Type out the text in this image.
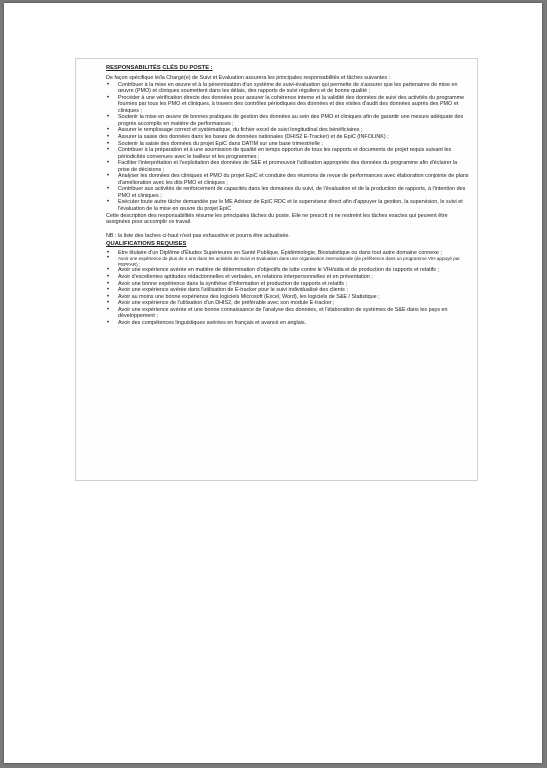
RESPONSABILITÉS CLÉS DU POSTE :

De façon spécifique le/la Chargé(e) de Suivi et Evaluation assurera les principales responsabilités et tâches suivantes :

• Contribuer à la mise en œuvre et à la pérennisation d'un système de suivi-évaluation qui permette de s'assurer que les partenaires de mise en œuvre (PMO) et cliniques soumettent dans les délais, des rapports de suivi réguliers et de bonne qualité ;
• Procéder à une vérification directe des données pour assurer la cohérence interne et la validité des données de suivi des activités du programme fournies par tous les PMO et cliniques, à travers des contrôles périodiques des données et des visites d'audit des données auprès des PMO et cliniques ;
• Soutenir la mise en œuvre de bonnes pratiques de gestion des données au sein des PMO et cliniques afin de garantir une mesure adéquate des progrès accomplis en matière de performances ;
• Assurer le remplissage correct et systématique, du fichier excel de suivi longitudinal des bénéficiaires ;
• Assurer la saisie des données dans les bases de données nationales (DHIS2 E-Tracker) et de EpiC (INFOLINK) ;
• Soutenir la saisie des données du projet EpiC dans DATIM sur une base trimestrielle ;
• Contribuer à la préparation et à une soumission de qualité en temps opportun de tous les rapports et documents de projet requis suivant les périodicités convenues avec le bailleur et les programmes ;
• Faciliter l'interprétation et l'exploitation des données de S&E et promouvoir l'utilisation appropriée des données du programme afin d'éclairer la prise de décisions ;
• Analyser les données des cliniques et PMO du projet EpiC et conduire des réunions de revue de performances avec élaboration conjointe de plans d'amélioration avec les dits PMO et cliniques ;
• Contribuer aux activités de renforcement de capacités dans les domaines du suivi, de l'évaluation et de la production de rapports, à l'intention des PMO et cliniques ;
• Exécuter toute autre tâche demandée par le ME Advisor de EpiC RDC et le superviseur direct afin d'appuyer la gestion, la supervision, le suivi et l'évaluation de la mise en œuvre du projet EpiC

Cette description des responsabilités résume les principales tâches du poste. Elle ne prescrit ni ne restreint les tâches exactes qui peuvent être assignées pour accomplir ce travail.

NB : la liste des taches ci-haut n'est pas exhaustive et pourra être actualisée.

QUALIFICATIONS REQUISES
• Etre titulaire d'un Diplôme d'Études Supérieures en Santé Publique, Épidémiologie, Biostatistique ou dans tout autre domaine connexe ;
• Avoir une expérience de plus de 4 ans dans les activités de Suivi et Evaluation dans une organisation internationale (de préférence dans un programme VIH appuyé par PEPFAR) ;
• Avoir une expérience avérée en matière de détermination d'objectifs de lutte contre le VIH/sida et de production de rapports et relatifs ;
• Avoir d'excellentes aptitudes rédactionnelles et verbales, en relations interpersonnelles et en présentation ;
• Avoir une bonne expérience dans la synthèse d'information et production de rapports et relatifs ;
• Avoir une expérience avérée dans l'utilisation de E-tracker pour le suivi individualisé des clients ;
• Avoir au moins une bonne expérience des logiciels Microsoft (Excel, Word), les logiciels de S&E / Statistique ;
• Avoir une expérience de l'utilisation d'un DHIS2, de préférable avec son module E-tracker ;
• Avoir une expérience avérée et une bonne connaissance de l'analyse des données, et l'élaboration de systèmes de S&E dans les pays en développement ;
• Avoir des compétences linguistiques avérées en français et avancé en anglais.
